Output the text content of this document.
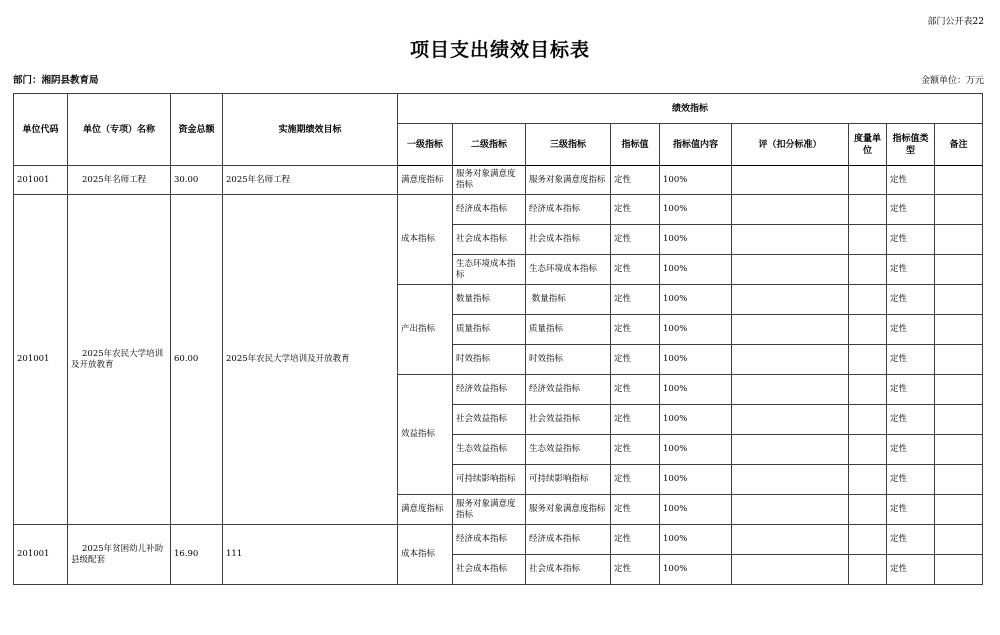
部门公开表22
项目支出绩效目标表
部门：湘阴县教育局	金额单位：万元
单位代码	单位（专项）名称	资金总额	实施期绩效目标	绩效指标								
				一级指标	二级指标	三级指标	指标值	指标值内容	评（扣分标准）	度量单位	指标值类型	备注
201001	2025年名师工程	30.00	2025年名师工程	满意度指标	服务对象满意度指标	服务对象满意度指标	定性	100%			定性	
201001	2025年农民大学培训及开放教育	60.00	2025年农民大学培训及开放教育	成本指标	经济成本指标	经济成本指标	定性	100%			定性	
					社会成本指标	社会成本指标	定性	100%			定性	
					生态环境成本指标	生态环境成本指标	定性	100%			定性	
				产出指标	数量指标	数量指标	定性	100%			定性	
					质量指标	质量指标	定性	100%			定性	
					时效指标	时效指标	定性	100%			定性	
				效益指标	经济效益指标	经济效益指标	定性	100%			定性	
					社会效益指标	社会效益指标	定性	100%			定性	
					生态效益指标	生态效益指标	定性	100%			定性	
					可持续影响指标	可持续影响指标	定性	100%			定性	
				满意度指标	服务对象满意度指标	服务对象满意度指标	定性	100%			定性	
201001	2025年贫困幼儿补助县级配套	16.90	111	成本指标	经济成本指标	经济成本指标	定性	100%			定性	
					社会成本指标	社会成本指标	定性	100%			定性	
